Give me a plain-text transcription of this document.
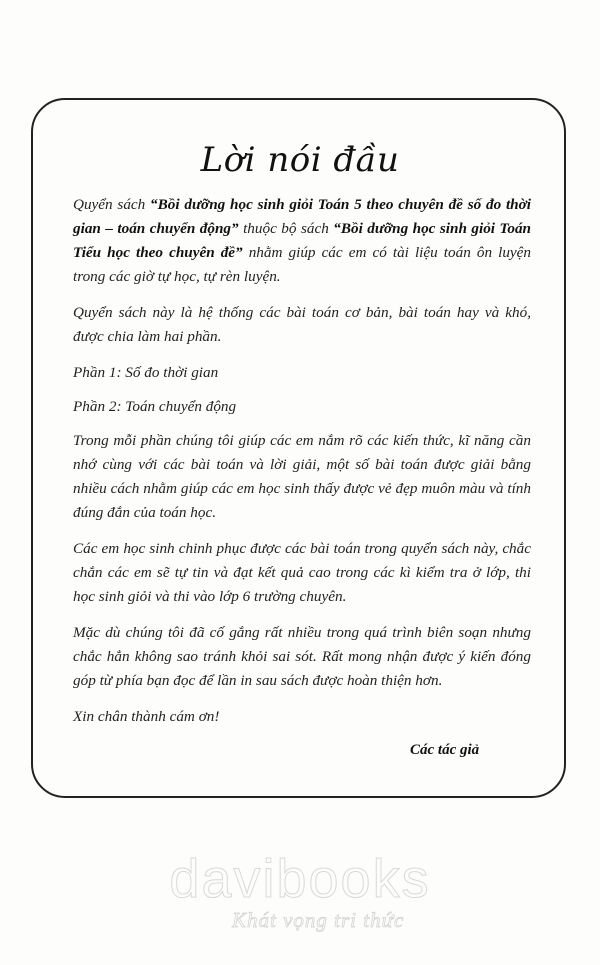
Lời nói đầu

Quyển sách “Bồi dưỡng học sinh giỏi Toán 5 theo chuyên đề số đo thời gian – toán chuyển động” thuộc bộ sách “Bồi dưỡng học sinh giỏi Toán Tiểu học theo chuyên đề” nhằm giúp các em có tài liệu toán ôn luyện trong các giờ tự học, tự rèn luyện.

Quyển sách này là hệ thống các bài toán cơ bản, bài toán hay và khó, được chia làm hai phần.

Phần 1: Số đo thời gian

Phần 2: Toán chuyển động

Trong mỗi phần chúng tôi giúp các em nắm rõ các kiến thức, kĩ năng cần nhớ cùng với các bài toán và lời giải, một số bài toán được giải bằng nhiều cách nhằm giúp các em học sinh thấy được vẻ đẹp muôn màu và tính đúng đắn của toán học.

Các em học sinh chinh phục được các bài toán trong quyển sách này, chắc chắn các em sẽ tự tin và đạt kết quả cao trong các kì kiểm tra ở lớp, thi học sinh giỏi và thi vào lớp 6 trường chuyên.

Mặc dù chúng tôi đã cố gắng rất nhiều trong quá trình biên soạn nhưng chắc hẳn không sao tránh khỏi sai sót. Rất mong nhận được ý kiến đóng góp từ phía bạn đọc để lần in sau sách được hoàn thiện hơn.

Xin chân thành cám ơn!

Các tác giả
davibooks
Khát vọng tri thức
